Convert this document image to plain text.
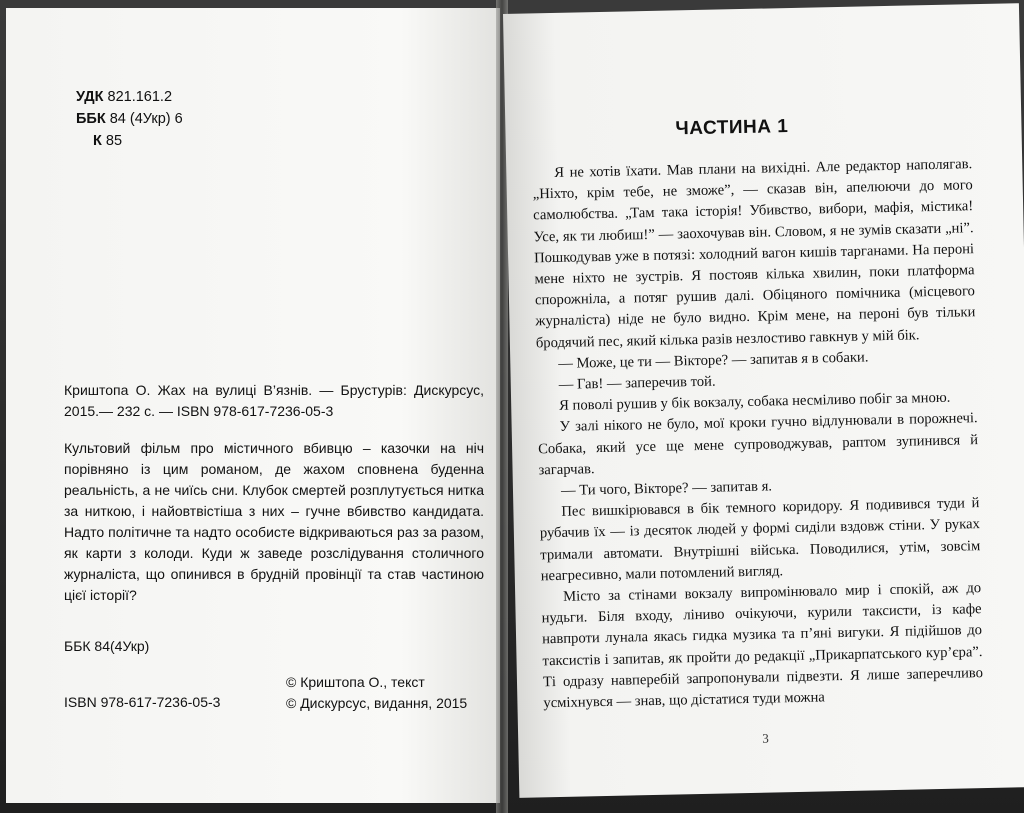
УДК 821.161.2
ББК 84 (4Укр) 6
К 85
Криштопа О. Жах на вулиці В’язнів. — Брустурів: Дискурсус, 2015.— 232 с. — ISBN 978-617-7236-05-3
Культовий фільм про містичного вбивцю – казочки на ніч порівняно із цим романом, де жахом сповнена буденна реальність, а не чиїсь сни. Клубок смертей розплутується нитка за ниткою, і найовтвістіша з них – гучне вбивство кандидата. Надто політичне та надто особисте відкриваються раз за разом, як карти з колоди. Куди ж заведе розслідування столичного журналіста, що опинився в брудній провінції та став частиною цієї історії?
ББК 84(4Укр)
ISBN 978-617-7236-05-3
© Криштопа О., текст
© Дискурсус, видання, 2015
ЧАСТИНА 1

Я не хотів їхати. Мав плани на вихідні. Але редактор наполягав. „Ніхто, крім тебе, не зможе”, — сказав він, апелюючи до мого самолюбства. „Там така історія! Убивство, вибори, мафія, містика! Усе, як ти любиш!” — заохочував він. Словом, я не зумів сказати „ні”. Пошкодував уже в потязі: холодний вагон кишів тарганами. На пероні мене ніхто не зустрів. Я постояв кілька хвилин, поки платформа спорожніла, а потяг рушив далі. Обіцяного помічника (місцевого журналіста) ніде не було видно. Крім мене, на пероні був тільки бродячий пес, який кілька разів незлостиво гавкнув у мій бік.

— Може, це ти — Вікторе? — запитав я в собаки.

— Гав! — заперечив той.

Я поволі рушив у бік вокзалу, собака несміливо побіг за мною.

У залі нікого не було, мої кроки гучно відлунювали в порожнечі. Собака, який усе ще мене супроводжував, раптом зупинився й загарчав.

— Ти чого, Вікторе? — запитав я.

Пес вишкірювався в бік темного коридору. Я подивився туди й рубачив їх — із десяток людей у формі сиділи вздовж стіни. У руках тримали автомати. Внутрішні війська. Поводилися, утім, зовсім неагресивно, мали потомлений вигляд.

Місто за стінами вокзалу випромінювало мир і спокій, аж до нудьги. Біля входу, ліниво очікуючи, курили таксисти, із кафе навпроти лунала якась гидка музика та п’яні вигуки. Я підійшов до таксистів і запитав, як пройти до редакції „Прикарпатського кур’єра”. Ті одразу навперебій запропонували підвезти. Я лише заперечливо усміхнувся — знав, що дістатися туди можна

3
